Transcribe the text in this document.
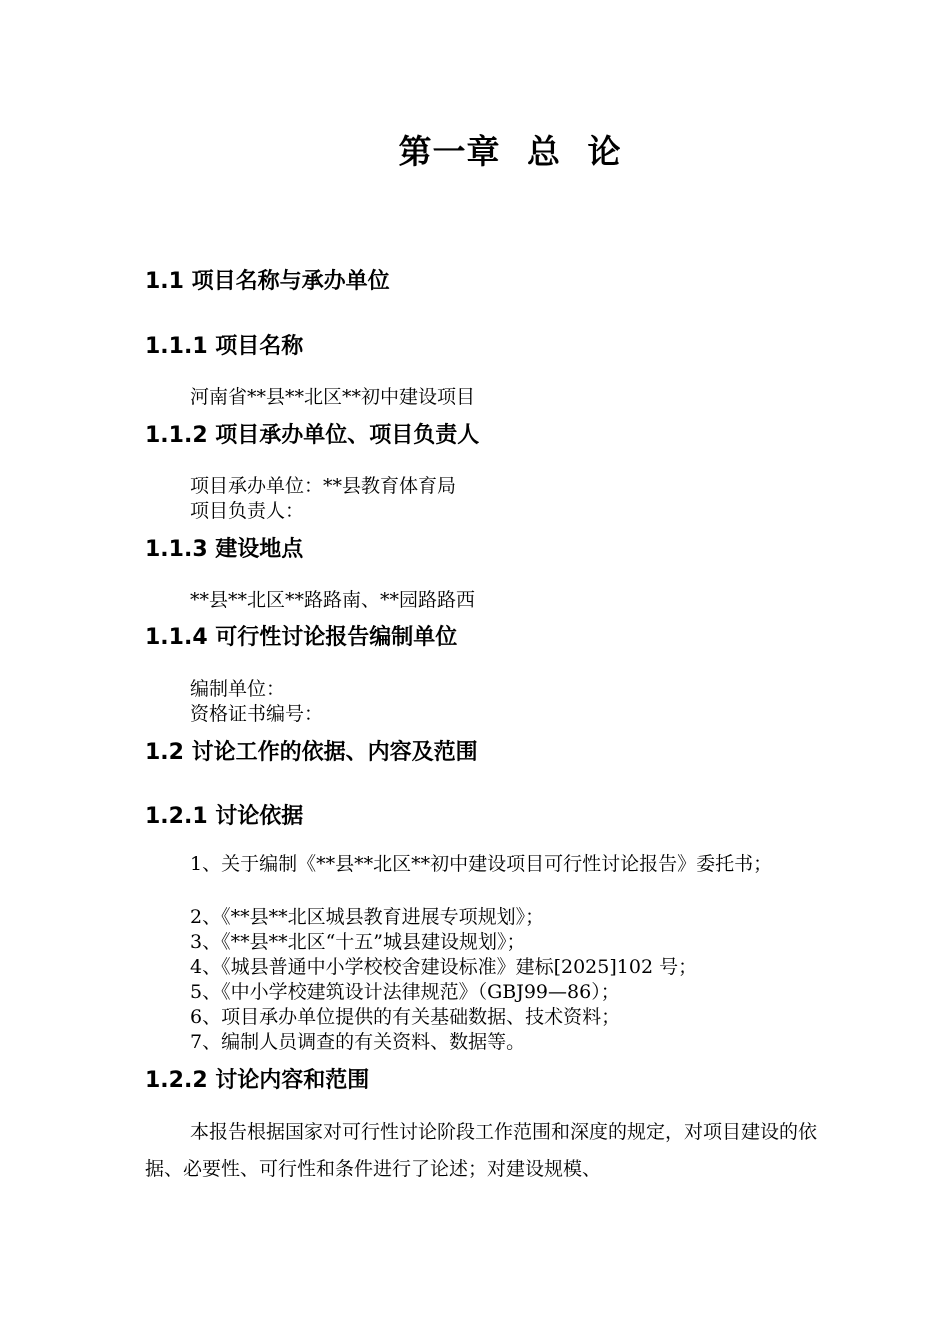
第一章 总 论
1.1 项目名称与承办单位
1.1.1 项目名称
河南省**县**北区**初中建设项目
1.1.2 项目承办单位、项目负责人
项目承办单位：**县教育体育局
项目负责人：
1.1.3 建设地点
**县**北区**路路南、**园路路西
1.1.4 可行性讨论报告编制单位
编制单位：
资格证书编号：
1.2 讨论工作的依据、内容及范围
1.2.1 讨论依据
1、关于编制《**县**北区**初中建设项目可行性讨论报告》委托书；
2、《**县**北区城县教育进展专项规划》；
3、《**县**北区“十五”城县建设规划》；
4、《城县普通中小学校校舍建设标准》建标[2025]102 号；
5、《中小学校建筑设计法律规范》（GBJ99—86）；
6、项目承办单位提供的有关基础数据、技术资料；
7、编制人员调查的有关资料、数据等。
1.2.2 讨论内容和范围
本报告根据国家对可行性讨论阶段工作范围和深度的规定，对项目建设的依据、必要性、可行性和条件进行了论述；对建设规模、
